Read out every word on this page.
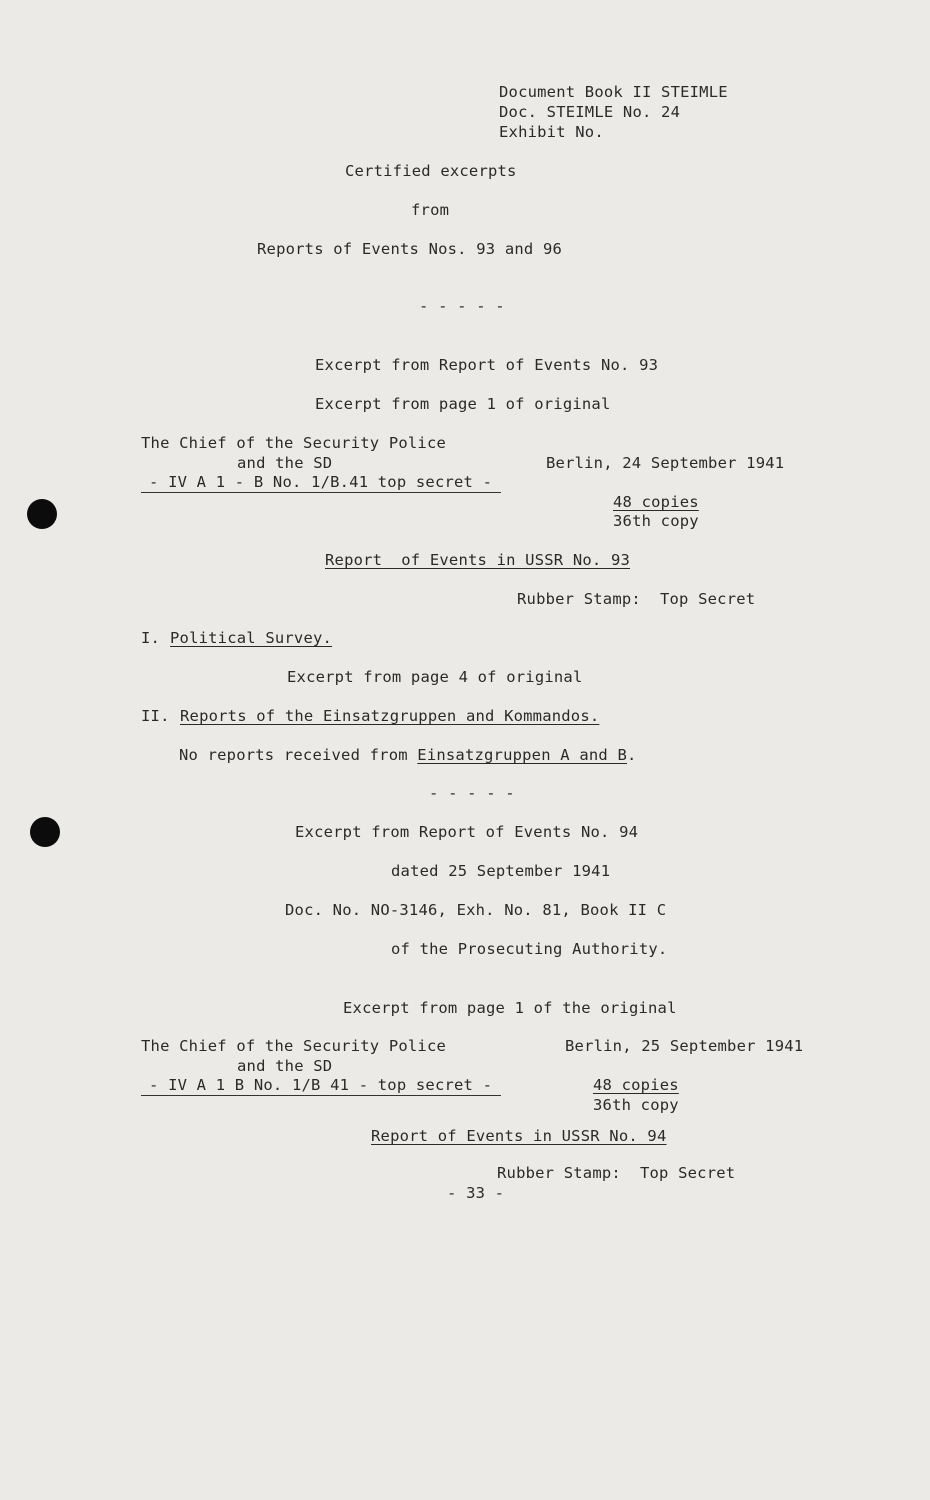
Document Book II STEIMLE
Doc. STEIMLE No. 24
Exhibit No.
Certified excerpts
from
Reports of Events Nos. 93 and 96
- - - - -
Excerpt from Report of Events No. 93
Excerpt from page 1 of original
The Chief of the Security Police
and the SD
- IV A 1 - B No. 1/B.41 top secret -
Berlin, 24 September 1941
48 copies
36th copy
Report  of Events in USSR No. 93
Rubber Stamp:  Top Secret
I. Political Survey.
Excerpt from page 4 of original
II. Reports of the Einsatzgruppen and Kommandos.
No reports received from Einsatzgruppen A and B.
- - - - -
Excerpt from Report of Events No. 94
dated 25 September 1941
Doc. No. NO-3146, Exh. No. 81, Book II C
of the Prosecuting Authority.
Excerpt from page 1 of the original
The Chief of the Security Police
and the SD
- IV A 1 B No. 1/B 41 - top secret -
Berlin, 25 September 1941
48 copies
36th copy
Report of Events in USSR No. 94
Rubber Stamp:  Top Secret
- 33 -
